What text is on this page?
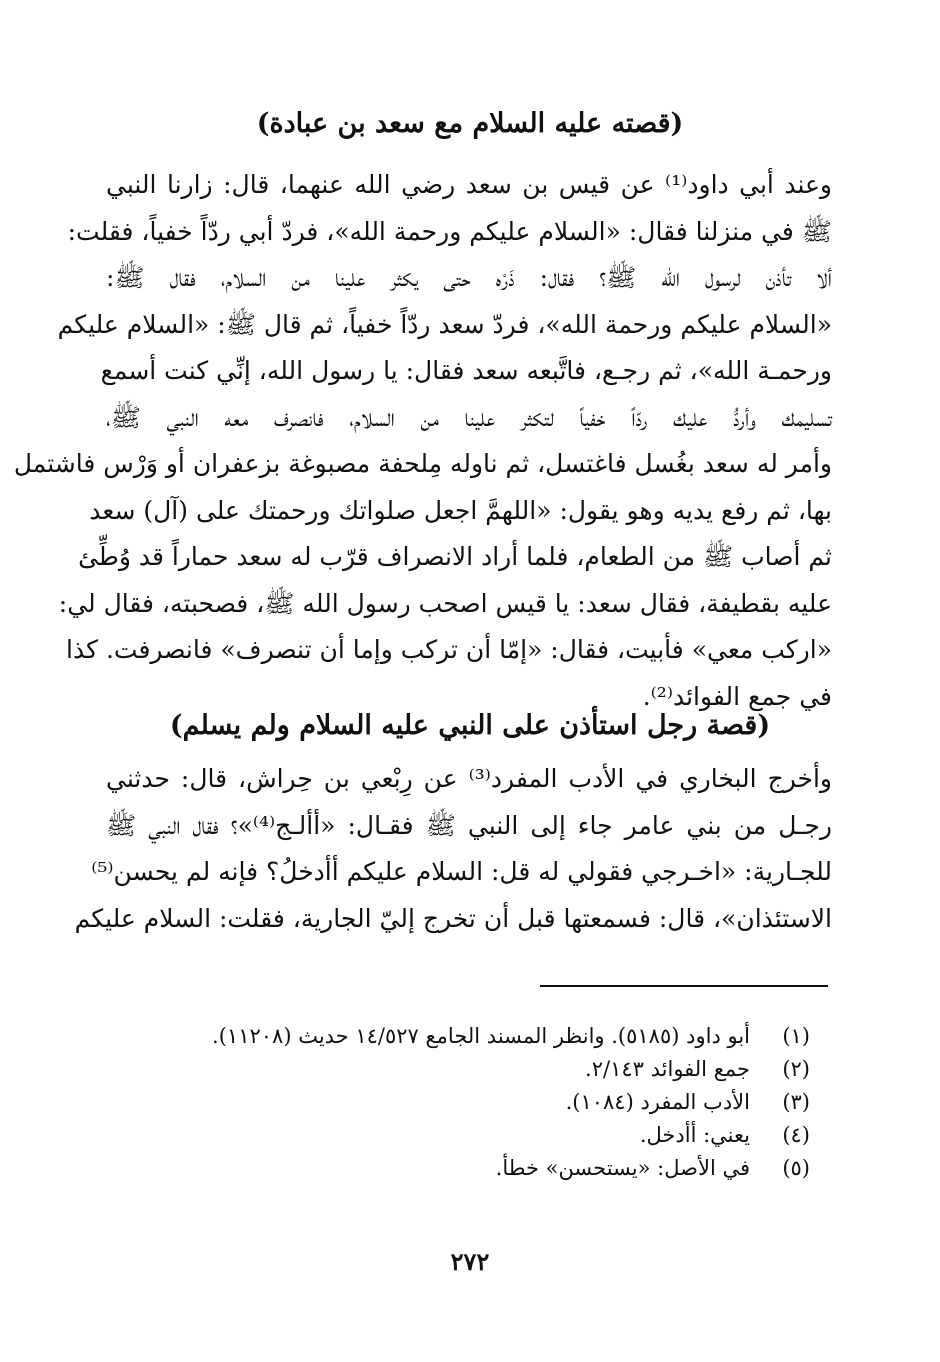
(قصته عليه السلام مع سعد بن عبادة)
وعند أبي داود⁽¹⁾ عن قيس بن سعد رضي الله عنهما، قال: زارنا النبي
ﷺ في منزلنا فقال: «السلام عليكم ورحمة الله»، فردّ أبي ردّاً خفياً، فقلت:
ألا تأذن لرسول الله ﷺ؟ فقال: ذَرْه حتى يكثر علينا من السلام، فقال ﷺ:
«السلام عليكم ورحمة الله»، فردّ سعد ردّاً خفياً، ثم قال ﷺ: «السلام عليكم
ورحمـة الله»، ثم رجـع، فاتَّبعه سعد فقال: يا رسول الله، إنِّي كنت أسمع
تسليمك وأردُّ عليك ردّاً خفياً لتكثر علينا من السلام، فانصرف معه النبي ﷺ،
وأمر له سعد بغُسل فاغتسل، ثم ناوله مِلحفة مصبوغة بزعفران أو وَرْس فاشتمل
بها، ثم رفع يديه وهو يقول: «اللهمَّ اجعل صلواتك ورحمتك على (آل) سعد
ثم أصاب ﷺ من الطعام، فلما أراد الانصراف قرّب له سعد حماراً قد وُطِّئ
عليه بقطيفة، فقال سعد: يا قيس اصحب رسول الله ﷺ، فصحبته، فقال لي:
«اركب معي» فأبيت، فقال: «إمّا أن تركب وإما أن تنصرف» فانصرفت. كذا
في جمع الفوائد⁽²⁾.
(قصة رجل استأذن على النبي عليه السلام ولم يسلم)
وأخرج البخاري في الأدب المفرد⁽³⁾ عن رِبْعي بن حِراش، قال: حدثني
رجـل من بني عامر جاء إلى النبي ﷺ فقـال: «أألـج⁽⁴⁾»؟ فقال النبي ﷺ
للجـارية: «اخـرجي فقولي له قل: السلام عليكم أأدخلُ؟ فإنه لم يحسن⁽⁵⁾
الاستئذان»، قال: فسمعتها قبل أن تخرج إليّ الجارية، فقلت: السلام عليكم
(١)
أبو داود (٥١٨٥). وانظر المسند الجامع ١٤/٥٢٧ حديث (١١٢٠٨).
(٢)
جمع الفوائد ٢/١٤٣.
(٣)
الأدب المفرد (١٠٨٤).
(٤)
يعني: أأدخل.
(٥)
في الأصل: «يستحسن» خطأ.
٢٧٢
